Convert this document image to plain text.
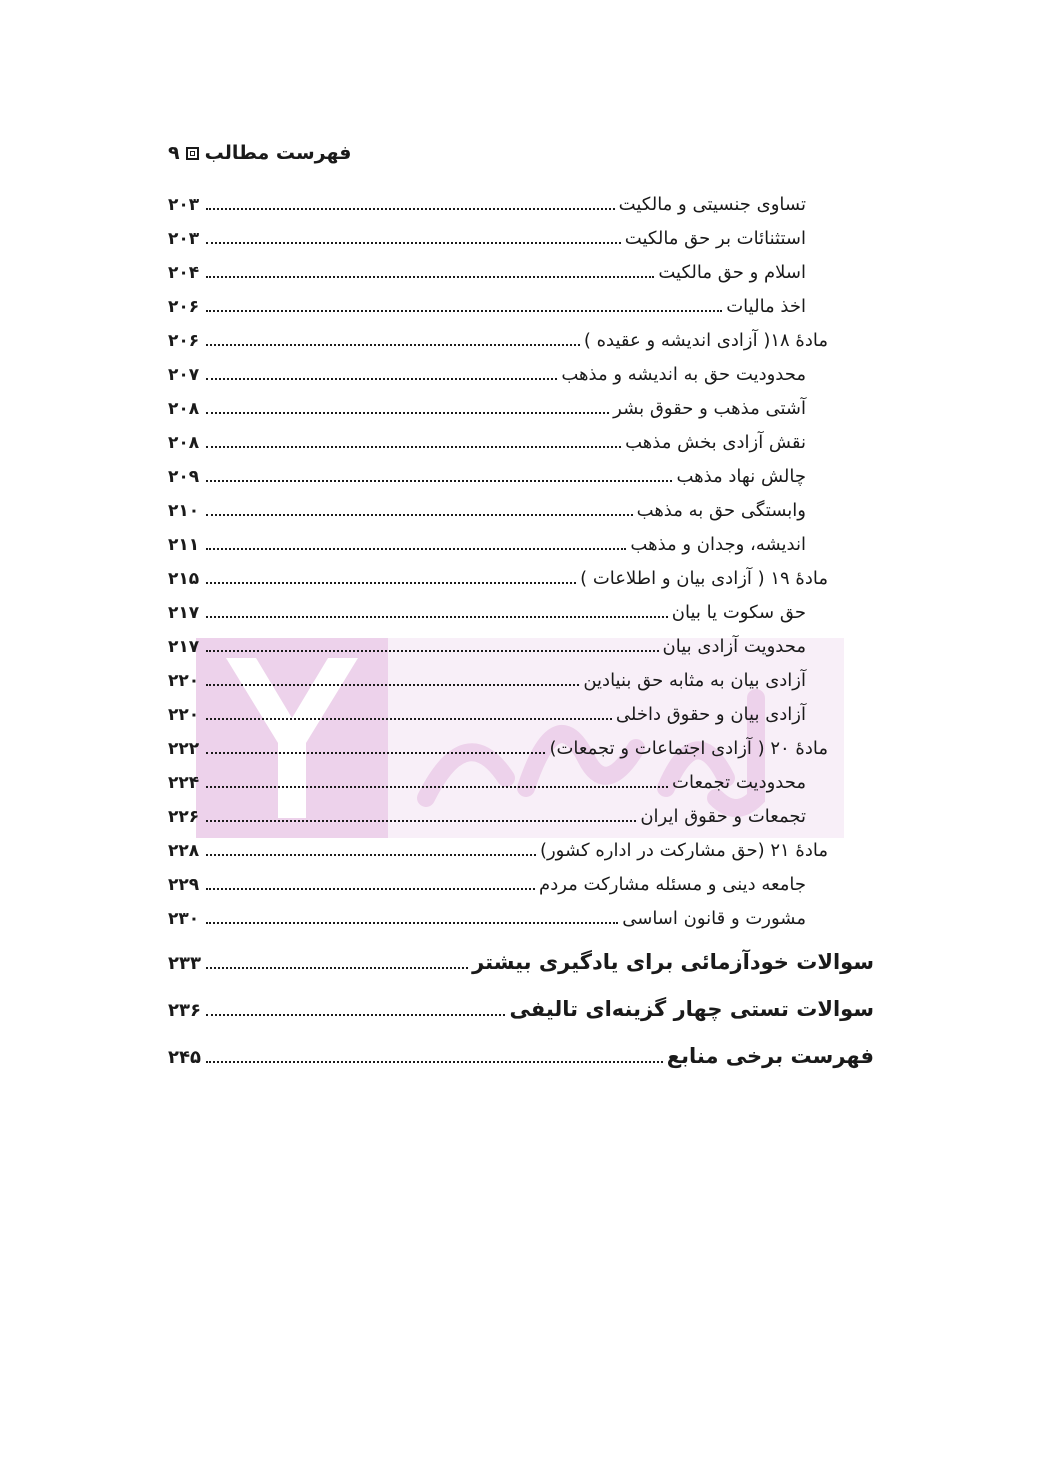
فهرست مطالب
۹
تساوی جنسیتی و مالکیت
۲۰۳
استثنائات بر حق مالکیت
۲۰۳
اسلام و حق مالکیت
۲۰۴
اخذ مالیات
۲۰۶
مادهٔ ۱۸( آزادی اندیشه و عقیده )
۲۰۶
محدودیت حق به اندیشه و مذهب
۲۰۷
آشتی مذهب و حقوق بشر
۲۰۸
نقش آزادی بخش مذهب
۲۰۸
چالش نهاد مذهب
۲۰۹
وابستگی حق به مذهب
۲۱۰
اندیشه، وجدان و مذهب
۲۱۱
مادهٔ ۱۹ ( آزادی بیان و اطلاعات )
۲۱۵
حق سکوت یا بیان
۲۱۷
محدویت آزادی بیان
۲۱۷
آزادی بیان به مثابه حق بنیادین
۲۲۰
آزادی بیان و حقوق داخلی
۲۲۰
مادهٔ ۲۰ ( آزادی اجتماعات و تجمعات)
۲۲۲
محدودیت تجمعات
۲۲۴
تجمعات و حقوق ایران
۲۲۶
مادهٔ ۲۱ (حق مشارکت در اداره کشور)
۲۲۸
جامعه دینی و مسئله مشارکت مردم
۲۲۹
مشورت و قانون اساسی
۲۳۰
سوالات خودآزمائی برای یادگیری بیشتر
۲۳۳
سوالات تستی چهار گزینه‌ای تالیفی
۲۳۶
فهرست برخی منابع
۲۴۵
